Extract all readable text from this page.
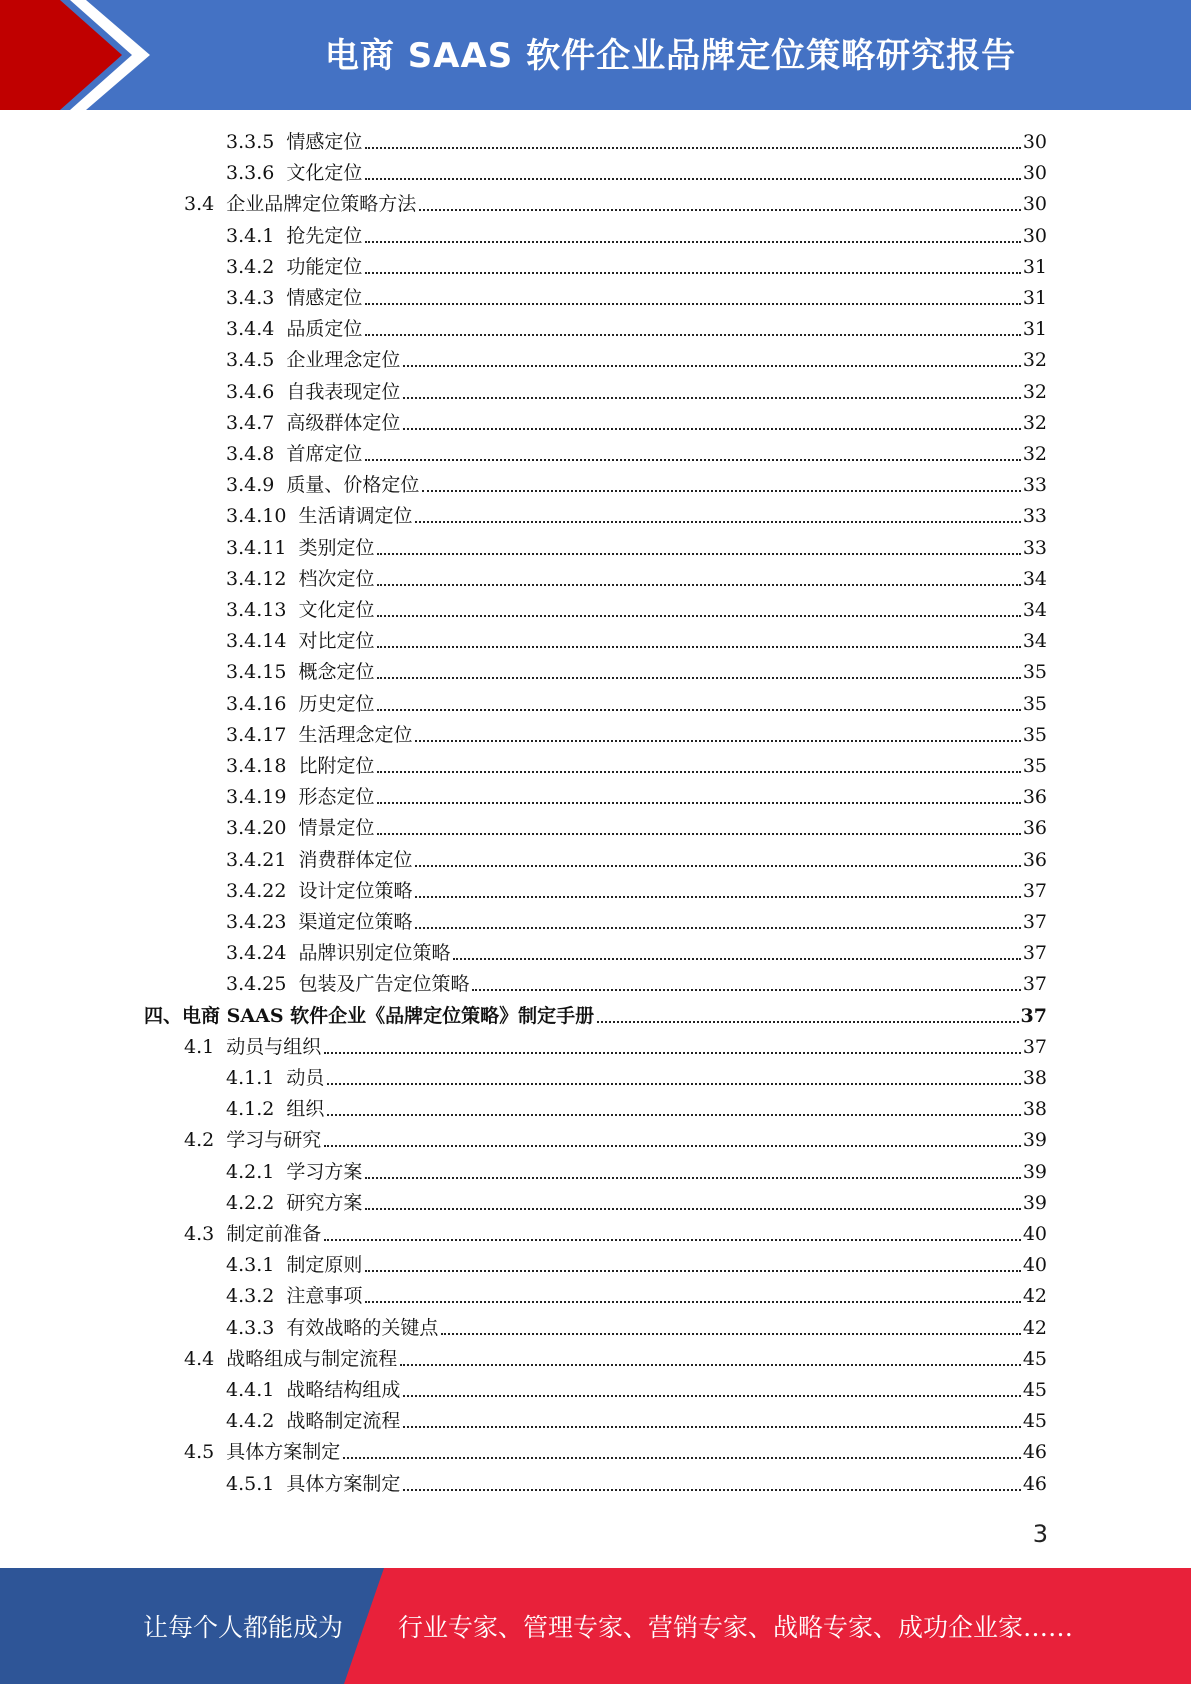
电商 SAAS 软件企业品牌定位策略研究报告
3.3.5 情感定位	30
3.3.6 文化定位	30
3.4 企业品牌定位策略方法	30
3.4.1 抢先定位	30
3.4.2 功能定位	31
3.4.3 情感定位	31
3.4.4 品质定位	31
3.4.5 企业理念定位	32
3.4.6 自我表现定位	32
3.4.7 高级群体定位	32
3.4.8 首席定位	32
3.4.9 质量、价格定位	33
3.4.10 生活请调定位	33
3.4.11 类别定位	33
3.4.12 档次定位	34
3.4.13 文化定位	34
3.4.14 对比定位	34
3.4.15 概念定位	35
3.4.16 历史定位	35
3.4.17 生活理念定位	35
3.4.18 比附定位	35
3.4.19 形态定位	36
3.4.20 情景定位	36
3.4.21 消费群体定位	36
3.4.22 设计定位策略	37
3.4.23 渠道定位策略	37
3.4.24 品牌识别定位策略	37
3.4.25 包装及广告定位策略	37
四、电商 SAAS 软件企业《品牌定位策略》制定手册	37
4.1 动员与组织	37
4.1.1 动员	38
4.1.2 组织	38
4.2 学习与研究	39
4.2.1 学习方案	39
4.2.2 研究方案	39
4.3 制定前准备	40
4.3.1 制定原则	40
4.3.2 注意事项	42
4.3.3 有效战略的关键点	42
4.4 战略组成与制定流程	45
4.4.1 战略结构组成	45
4.4.2 战略制定流程	45
4.5 具体方案制定	46
4.5.1 具体方案制定	46
3
让每个人都能成为 行业专家、管理专家、营销专家、战略专家、成功企业家……
